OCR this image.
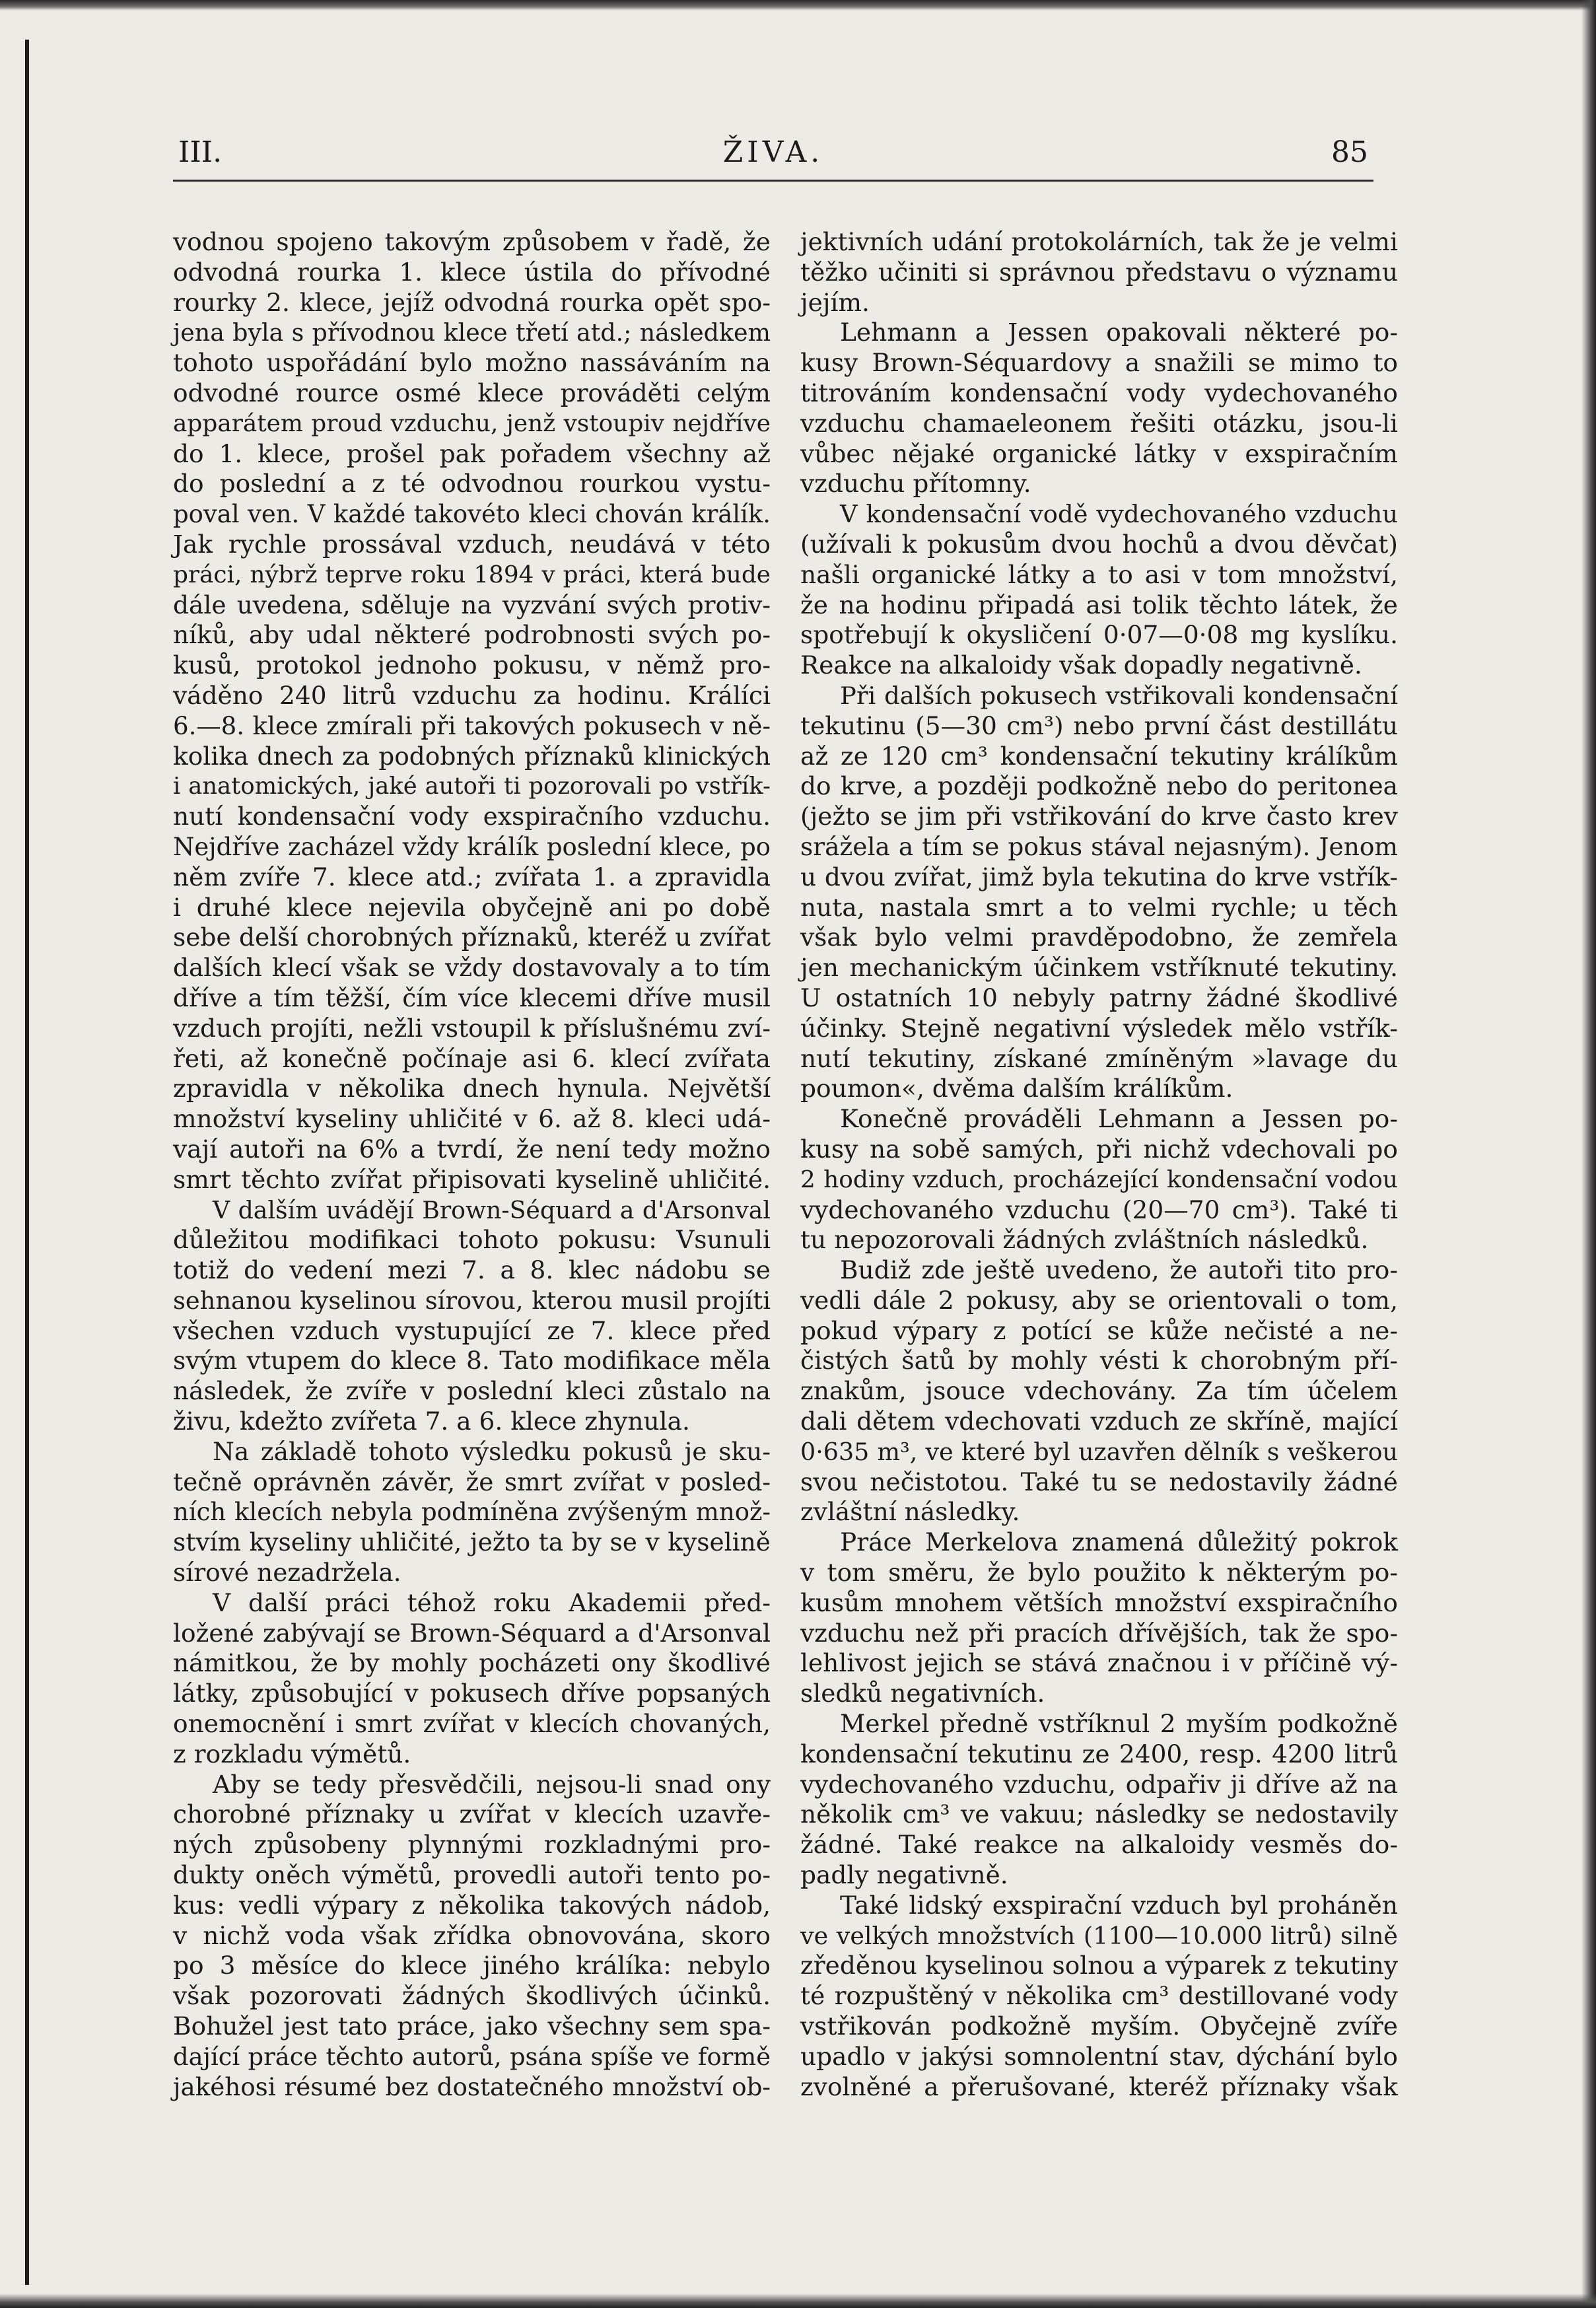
ŽIVA.
III.	85
vodnou spojeno takovým způsobem v řadě, že
odvodná rourka 1. klece ústila do přívodné
rourky 2. klece, jejíž odvodná rourka opět spo-
jena byla s přívodnou klece třetí atd.; následkem
tohoto uspořádání bylo možno nassáváním na
odvodné rource osmé klece prováděti celým
apparátem proud vzduchu, jenž vstoupiv nejdříve
do 1. klece, prošel pak pořadem všechny až
do poslední a z té odvodnou rourkou vystu-
poval ven. V každé takovéto kleci chován králík.
Jak rychle prossával vzduch, neudává v této
práci, nýbrž teprve roku 1894 v práci, která bude
dále uvedena, sděluje na vyzvání svých protiv-
níků, aby udal některé podrobnosti svých po-
kusů, protokol jednoho pokusu, v němž pro-
váděno 240 litrů vzduchu za hodinu. Králíci
6.—8. klece zmírali při takových pokusech v ně-
kolika dnech za podobných příznaků klinických
i anatomických, jaké autoři ti pozorovali po vstřík-
nutí kondensační vody exspiračního vzduchu.
Nejdříve zacházel vždy králík poslední klece, po
něm zvíře 7. klece atd.; zvířata 1. a zpravidla
i druhé klece nejevila obyčejně ani po době
sebe delší chorobných příznaků, kteréž u zvířat
dalších klecí však se vždy dostavovaly a to tím
dříve a tím těžší, čím více klecemi dříve musil
vzduch projíti, nežli vstoupil k příslušnému zví-
řeti, až konečně počínaje asi 6. klecí zvířata
zpravidla v několika dnech hynula. Největší
množství kyseliny uhličité v 6. až 8. kleci udá-
vají autoři na 6% a tvrdí, že není tedy možno
smrt těchto zvířat připisovati kyselině uhličité.
V dalším uvádějí Brown-Séquard a d'Arsonval
důležitou modifikaci tohoto pokusu: Vsunuli
totiž do vedení mezi 7. a 8. klec nádobu se
sehnanou kyselinou sírovou, kterou musil projíti
všechen vzduch vystupující ze 7. klece před
svým vtupem do klece 8. Tato modifikace měla
následek, že zvíře v poslední kleci zůstalo na
živu, kdežto zvířeta 7. a 6. klece zhynula.
Na základě tohoto výsledku pokusů je sku-
tečně oprávněn závěr, že smrt zvířat v posled-
ních klecích nebyla podmíněna zvýšeným množ-
stvím kyseliny uhličité, ježto ta by se v kyselině
sírové nezadržela.
V další práci téhož roku Akademii před-
ložené zabývají se Brown-Séquard a d'Arsonval
námitkou, že by mohly pocházeti ony škodlivé
látky, způsobující v pokusech dříve popsaných
onemocnění i smrt zvířat v klecích chovaných,
z rozkladu výmětů.
Aby se tedy přesvědčili, nejsou-li snad ony
chorobné příznaky u zvířat v klecích uzavře-
ných způsobeny plynnými rozkladnými pro-
dukty oněch výmětů, provedli autoři tento po-
kus: vedli výpary z několika takových nádob,
v nichž voda však zřídka obnovována, skoro
po 3 měsíce do klece jiného králíka: nebylo
však pozorovati žádných škodlivých účinků.
Bohužel jest tato práce, jako všechny sem spa-
dající práce těchto autorů, psána spíše ve formě
jakéhosi résumé bez dostatečného množství ob-
jektivních udání protokolárních, tak že je velmi
těžko učiniti si správnou představu o významu
jejím.
Lehmann a Jessen opakovali některé po-
kusy Brown-Séquardovy a snažili se mimo to
titrováním kondensační vody vydechovaného
vzduchu chamaeleonem řešiti otázku, jsou-li
vůbec nějaké organické látky v exspiračním
vzduchu přítomny.
V kondensační vodě vydechovaného vzduchu
(užívali k pokusům dvou hochů a dvou děvčat)
našli organické látky a to asi v tom množství,
že na hodinu připadá asi tolik těchto látek, že
spotřebují k okysličení 0·07—0·08 mg kyslíku.
Reakce na alkaloidy však dopadly negativně.
Při dalších pokusech vstřikovali kondensační
tekutinu (5—30 cm³) nebo první část destillátu
až ze 120 cm³ kondensační tekutiny králíkům
do krve, a později podkožně nebo do peritonea
(ježto se jim při vstřikování do krve často krev
srážela a tím se pokus stával nejasným). Jenom
u dvou zvířat, jimž byla tekutina do krve vstřík-
nuta, nastala smrt a to velmi rychle; u těch
však bylo velmi pravděpodobno, že zemřela
jen mechanickým účinkem vstříknuté tekutiny.
U ostatních 10 nebyly patrny žádné škodlivé
účinky. Stejně negativní výsledek mělo vstřík-
nutí tekutiny, získané zmíněným »lavage du
poumon«, dvěma dalším králíkům.
Konečně prováděli Lehmann a Jessen po-
kusy na sobě samých, při nichž vdechovali po
2 hodiny vzduch, procházející kondensační vodou
vydechovaného vzduchu (20—70 cm³). Také ti
tu nepozorovali žádných zvláštních následků.
Budiž zde ještě uvedeno, že autoři tito pro-
vedli dále 2 pokusy, aby se orientovali o tom,
pokud výpary z potící se kůže nečisté a ne-
čistých šatů by mohly vésti k chorobným pří-
znakům, jsouce vdechovány. Za tím účelem
dali dětem vdechovati vzduch ze skříně, mající
0·635 m³, ve které byl uzavřen dělník s veškerou
svou nečistotou. Také tu se nedostavily žádné
zvláštní následky.
Práce Merkelova znamená důležitý pokrok
v tom směru, že bylo použito k některým po-
kusům mnohem větších množství exspiračního
vzduchu než při pracích dřívějších, tak že spo-
lehlivost jejich se stává značnou i v příčině vý-
sledků negativních.
Merkel předně vstříknul 2 myším podkožně
kondensační tekutinu ze 2400, resp. 4200 litrů
vydechovaného vzduchu, odpařiv ji dříve až na
několik cm³ ve vakuu; následky se nedostavily
žádné. Také reakce na alkaloidy vesměs do-
padly negativně.
Také lidský exspirační vzduch byl proháněn
ve velkých množstvích (1100—10.000 litrů) silně
zředěnou kyselinou solnou a výparek z tekutiny
té rozpuštěný v několika cm³ destillované vody
vstřikován podkožně myším. Obyčejně zvíře
upadlo v jakýsi somnolentní stav, dýchání bylo
zvolněné a přerušované, kteréž příznaky však
